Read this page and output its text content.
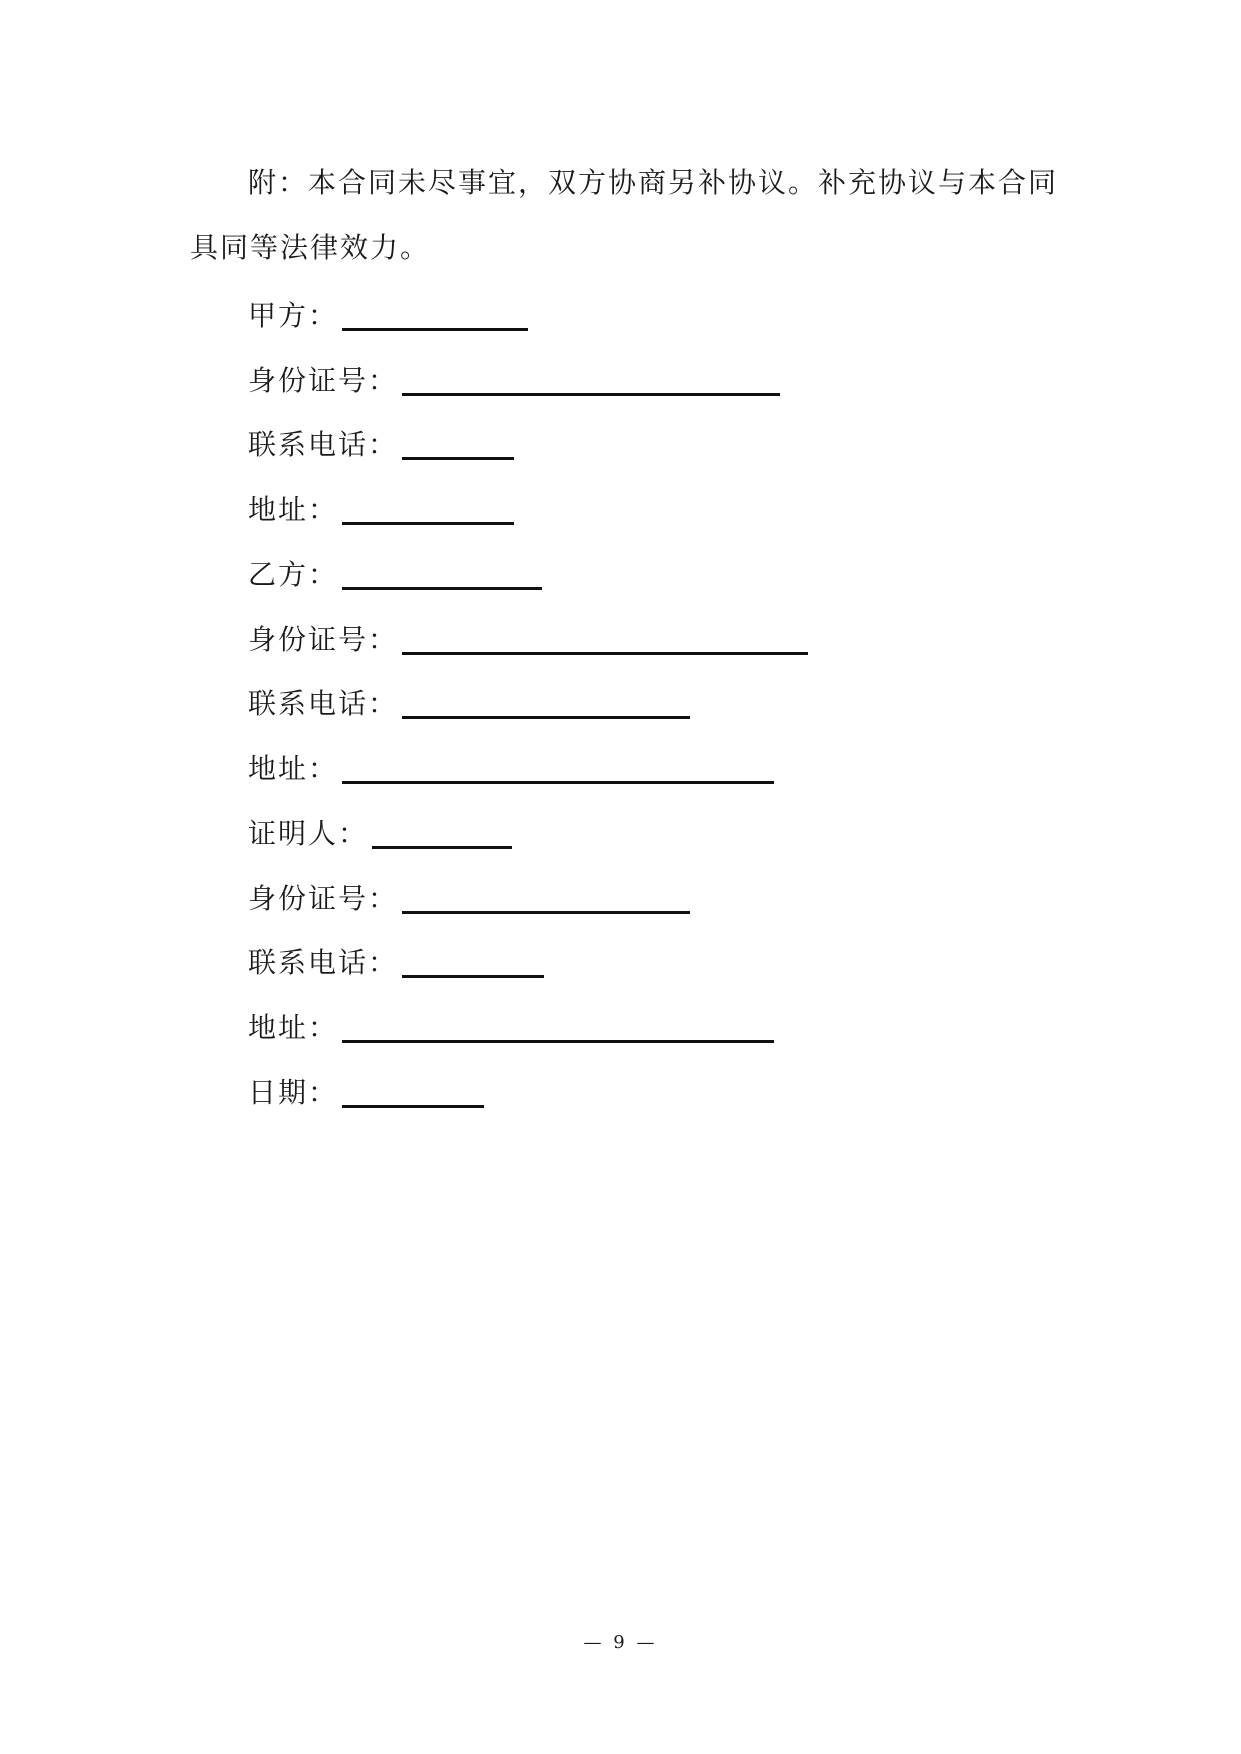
附：本合同未尽事宜，双方协商另补协议。补充协议与本合同具同等法律效力。

甲方：
身份证号：
联系电话：
地址：
乙方：
身份证号：
联系电话：
地址：
证明人：
身份证号：
联系电话：
地址：
日期：
— 9 —
